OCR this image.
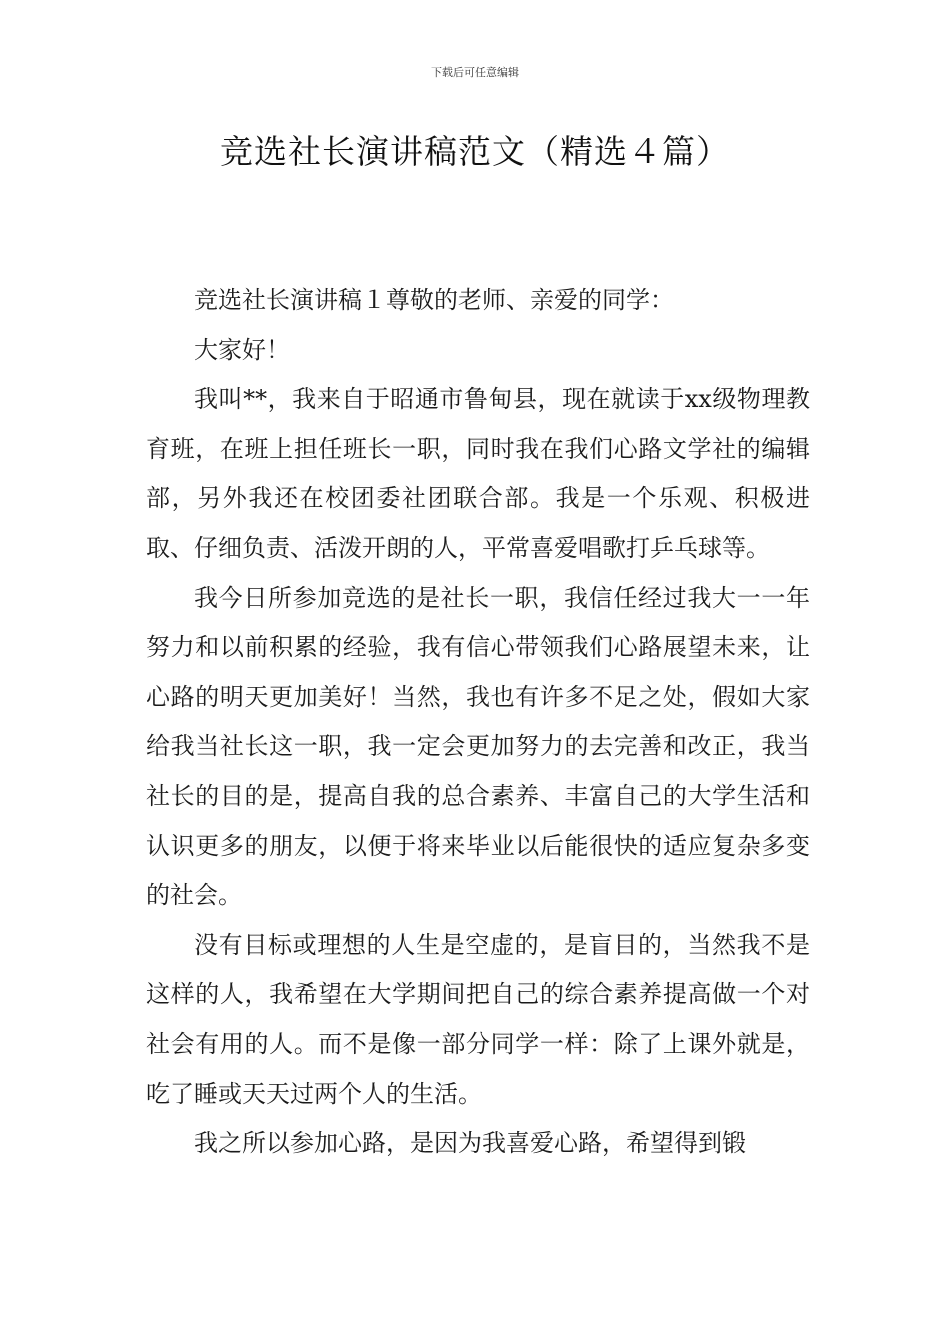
下载后可任意编辑
竞选社长演讲稿范文（精选４篇）

竞选社长演讲稿１尊敬的老师、亲爱的同学：

大家好！

我叫**，我来自于昭通市鲁甸县，现在就读于xx级物理教育班，在班上担任班长一职，同时我在我们心路文学社的编辑部，另外我还在校团委社团联合部。我是一个乐观、积极进取、仔细负责、活泼开朗的人，平常喜爱唱歌打乒乓球等。

我今日所参加竞选的是社长一职，我信任经过我大一一年努力和以前积累的经验，我有信心带领我们心路展望未来，让心路的明天更加美好！当然，我也有许多不足之处，假如大家给我当社长这一职，我一定会更加努力的去完善和改正，我当社长的目的是，提高自我的总合素养、丰富自己的大学生活和认识更多的朋友，以便于将来毕业以后能很快的适应复杂多变的社会。

没有目标或理想的人生是空虚的，是盲目的，当然我不是这样的人，我希望在大学期间把自己的综合素养提高做一个对社会有用的人。而不是像一部分同学一样：除了上课外就是，吃了睡或天天过两个人的生活。

我之所以参加心路，是因为我喜爱心路，希望得到锻
